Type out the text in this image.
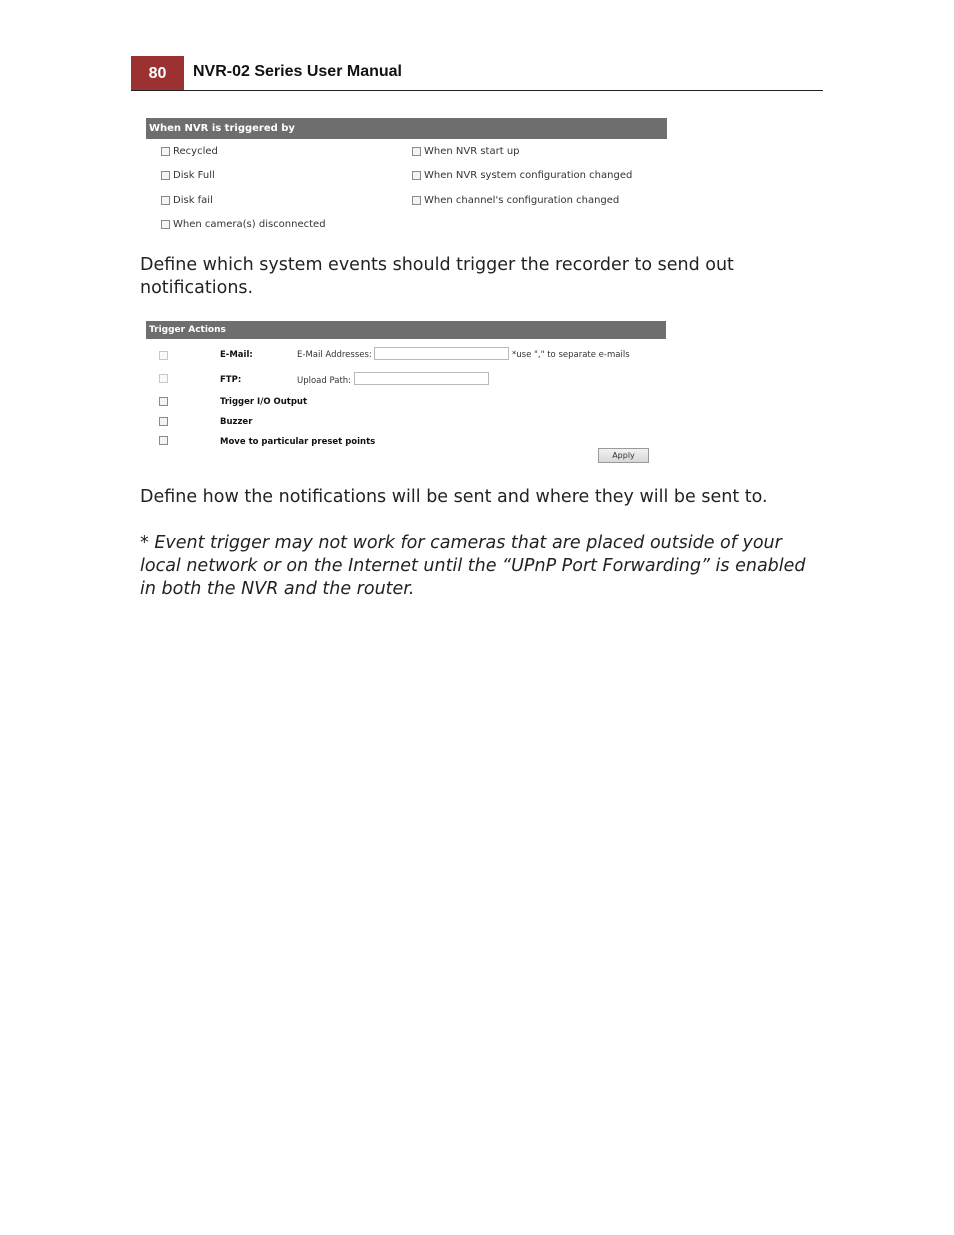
80	NVR-02 Series User Manual
When NVR is triggered by
Recycled
Disk Full
Disk fail
When camera(s) disconnected
When NVR start up
When NVR system configuration changed
When channel's configuration changed
Define which system events should trigger the recorder to send out notifications.
Trigger Actions
E-Mail:	E-Mail Addresses:	*use "," to separate e-mails
FTP:	Upload Path:
Trigger I/O Output
Buzzer
Move to particular preset points
Apply
Define how the notifications will be sent and where they will be sent to.
* Event trigger may not work for cameras that are placed outside of your local network or on the Internet until the “UPnP Port Forwarding” is enabled in both the NVR and the router.
